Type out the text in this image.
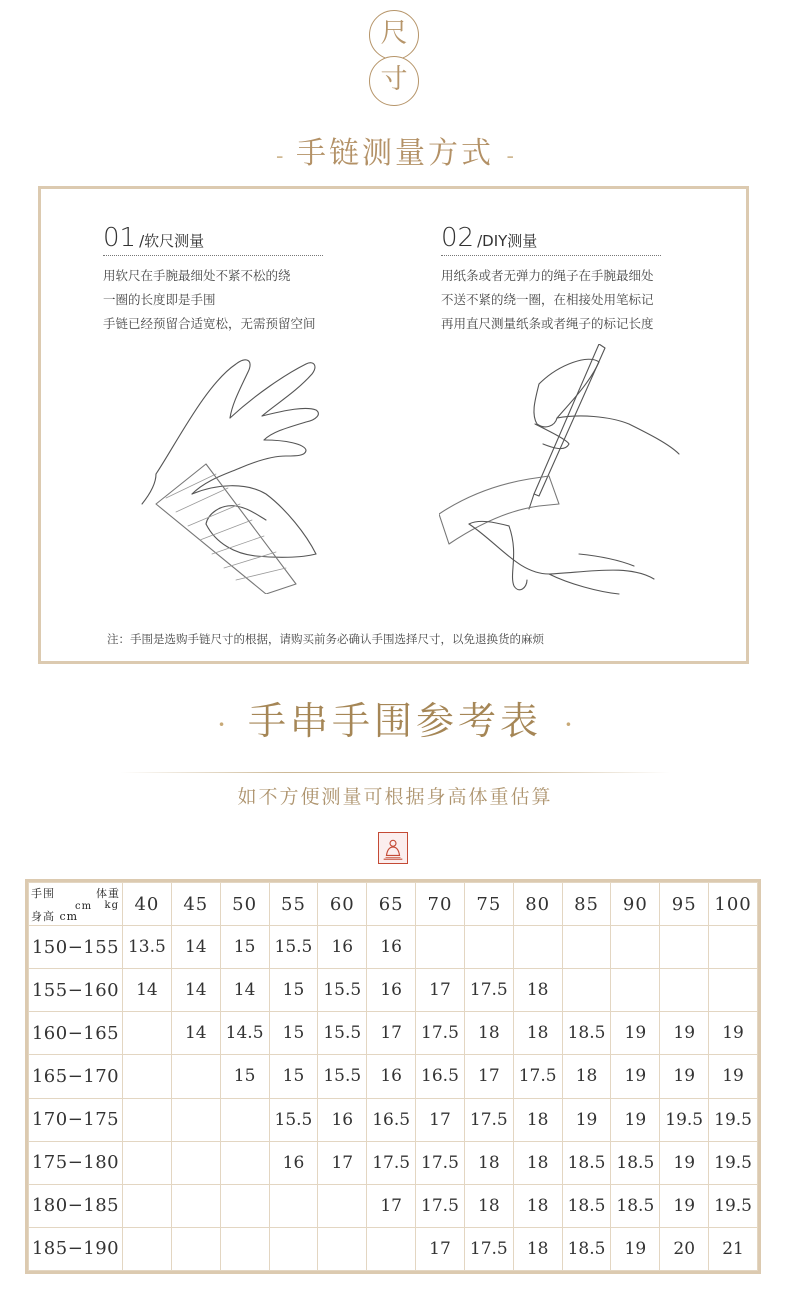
尺
寸
- 手链测量方式 -
01 /软尺测量
用软尺在手腕最细处不紧不松的绕
一圈的长度即是手围
手链已经预留合适宽松，无需预留空间
02 /DIY测量
用纸条或者无弹力的绳子在手腕最细处
不送不紧的绕一圈，在相接处用笔标记
再用直尺测量纸条或者绳子的标记长度
注：手围是选购手链尺寸的根据，请购买前务必确认手围选择尺寸，以免退换货的麻烦
· 手串手围参考表 ·
如不方便测量可根据身高体重估算
手围 体重
cm kg
身高 cm	40	45	50	55	60	65	70	75	80	85	90	95	100
150−155	13.5	14	15	15.5	16	16							
155−160	14	14	14	15	15.5	16	17	17.5	18				
160−165		14	14.5	15	15.5	17	17.5	18	18	18.5	19	19	19
165−170			15	15	15.5	16	16.5	17	17.5	18	19	19	19
170−175				15.5	16	16.5	17	17.5	18	19	19	19.5	19.5
175−180				16	17	17.5	17.5	18	18	18.5	18.5	19	19.5
180−185						17	17.5	18	18	18.5	18.5	19	19.5
185−190							17	17.5	18	18.5	19	20	21
